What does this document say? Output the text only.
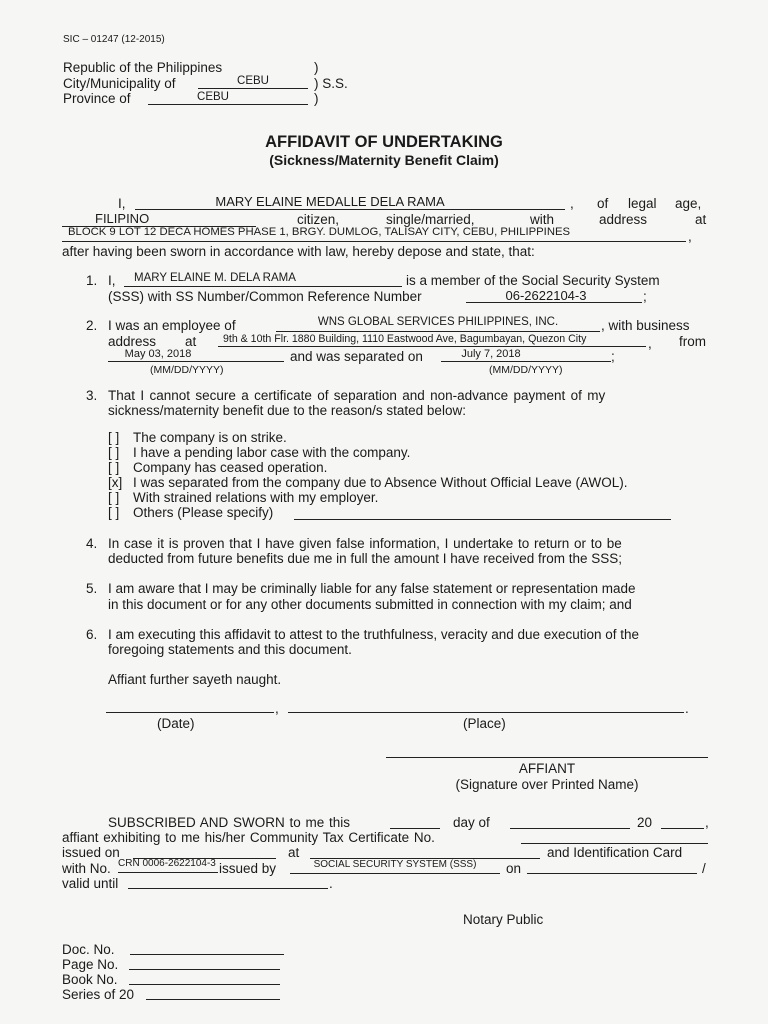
SIC – 01247 (12-2015)
Republic of the Philippines	)
City/Municipality of	CEBU	) S.S.
Province of	CEBU	)
AFFIDAVIT OF UNDERTAKING
(Sickness/Maternity Benefit Claim)
I,	MARY ELAINE MEDALLE DELA RAMA	, of legal age,
FILIPINO	citizen,	single/married,	with	address	at
BLOCK 9 LOT 12 DECA HOMES PHASE 1, BRGY. DUMLOG, TALISAY CITY, CEBU, PHILIPPINES	,
after having been sworn in accordance with law, hereby depose and state, that:
1. I, MARY ELAINE M. DELA RAMA	is a member of the Social Security System
(SSS) with SS Number/Common Reference Number	06-2622104-3	;
2. I was an employee of	WNS GLOBAL SERVICES PHILIPPINES, INC.	, with business
address at	9th & 10th Flr. 1880 Building, 1110 Eastwood Ave, Bagumbayan, Quezon City	, from
May 03, 2018	and was separated on	July 7, 2018	;
(MM/DD/YYYY)	(MM/DD/YYYY)
3. That I cannot secure a certificate of separation and non-advance payment of my
sickness/maternity benefit due to the reason/s stated below:
[ ] The company is on strike.
[ ] I have a pending labor case with the company.
[ ] Company has ceased operation.
[x] I was separated from the company due to Absence Without Official Leave (AWOL).
[ ] With strained relations with my employer.
[ ] Others (Please specify)
4. In case it is proven that I have given false information, I undertake to return or to be
deducted from future benefits due me in full the amount I have received from the SSS;
5. I am aware that I may be criminally liable for any false statement or representation made
in this document or for any other documents submitted in connection with my claim; and
6. I am executing this affidavit to attest to the truthfulness, veracity and due execution of the
foregoing statements and this document.
Affiant further sayeth naught.
,	.
(Date)	(Place)
AFFIANT
(Signature over Printed Name)
SUBSCRIBED AND SWORN to me this	day of	20	,
affiant exhibiting to me his/her Community Tax Certificate No.
issued on	at	and Identification Card
with No. CRN 0006-2622104-3 issued by	SOCIAL SECURITY SYSTEM (SSS)	on	/
valid until	.
Notary Public
Doc. No.
Page No.
Book No.
Series of 20
